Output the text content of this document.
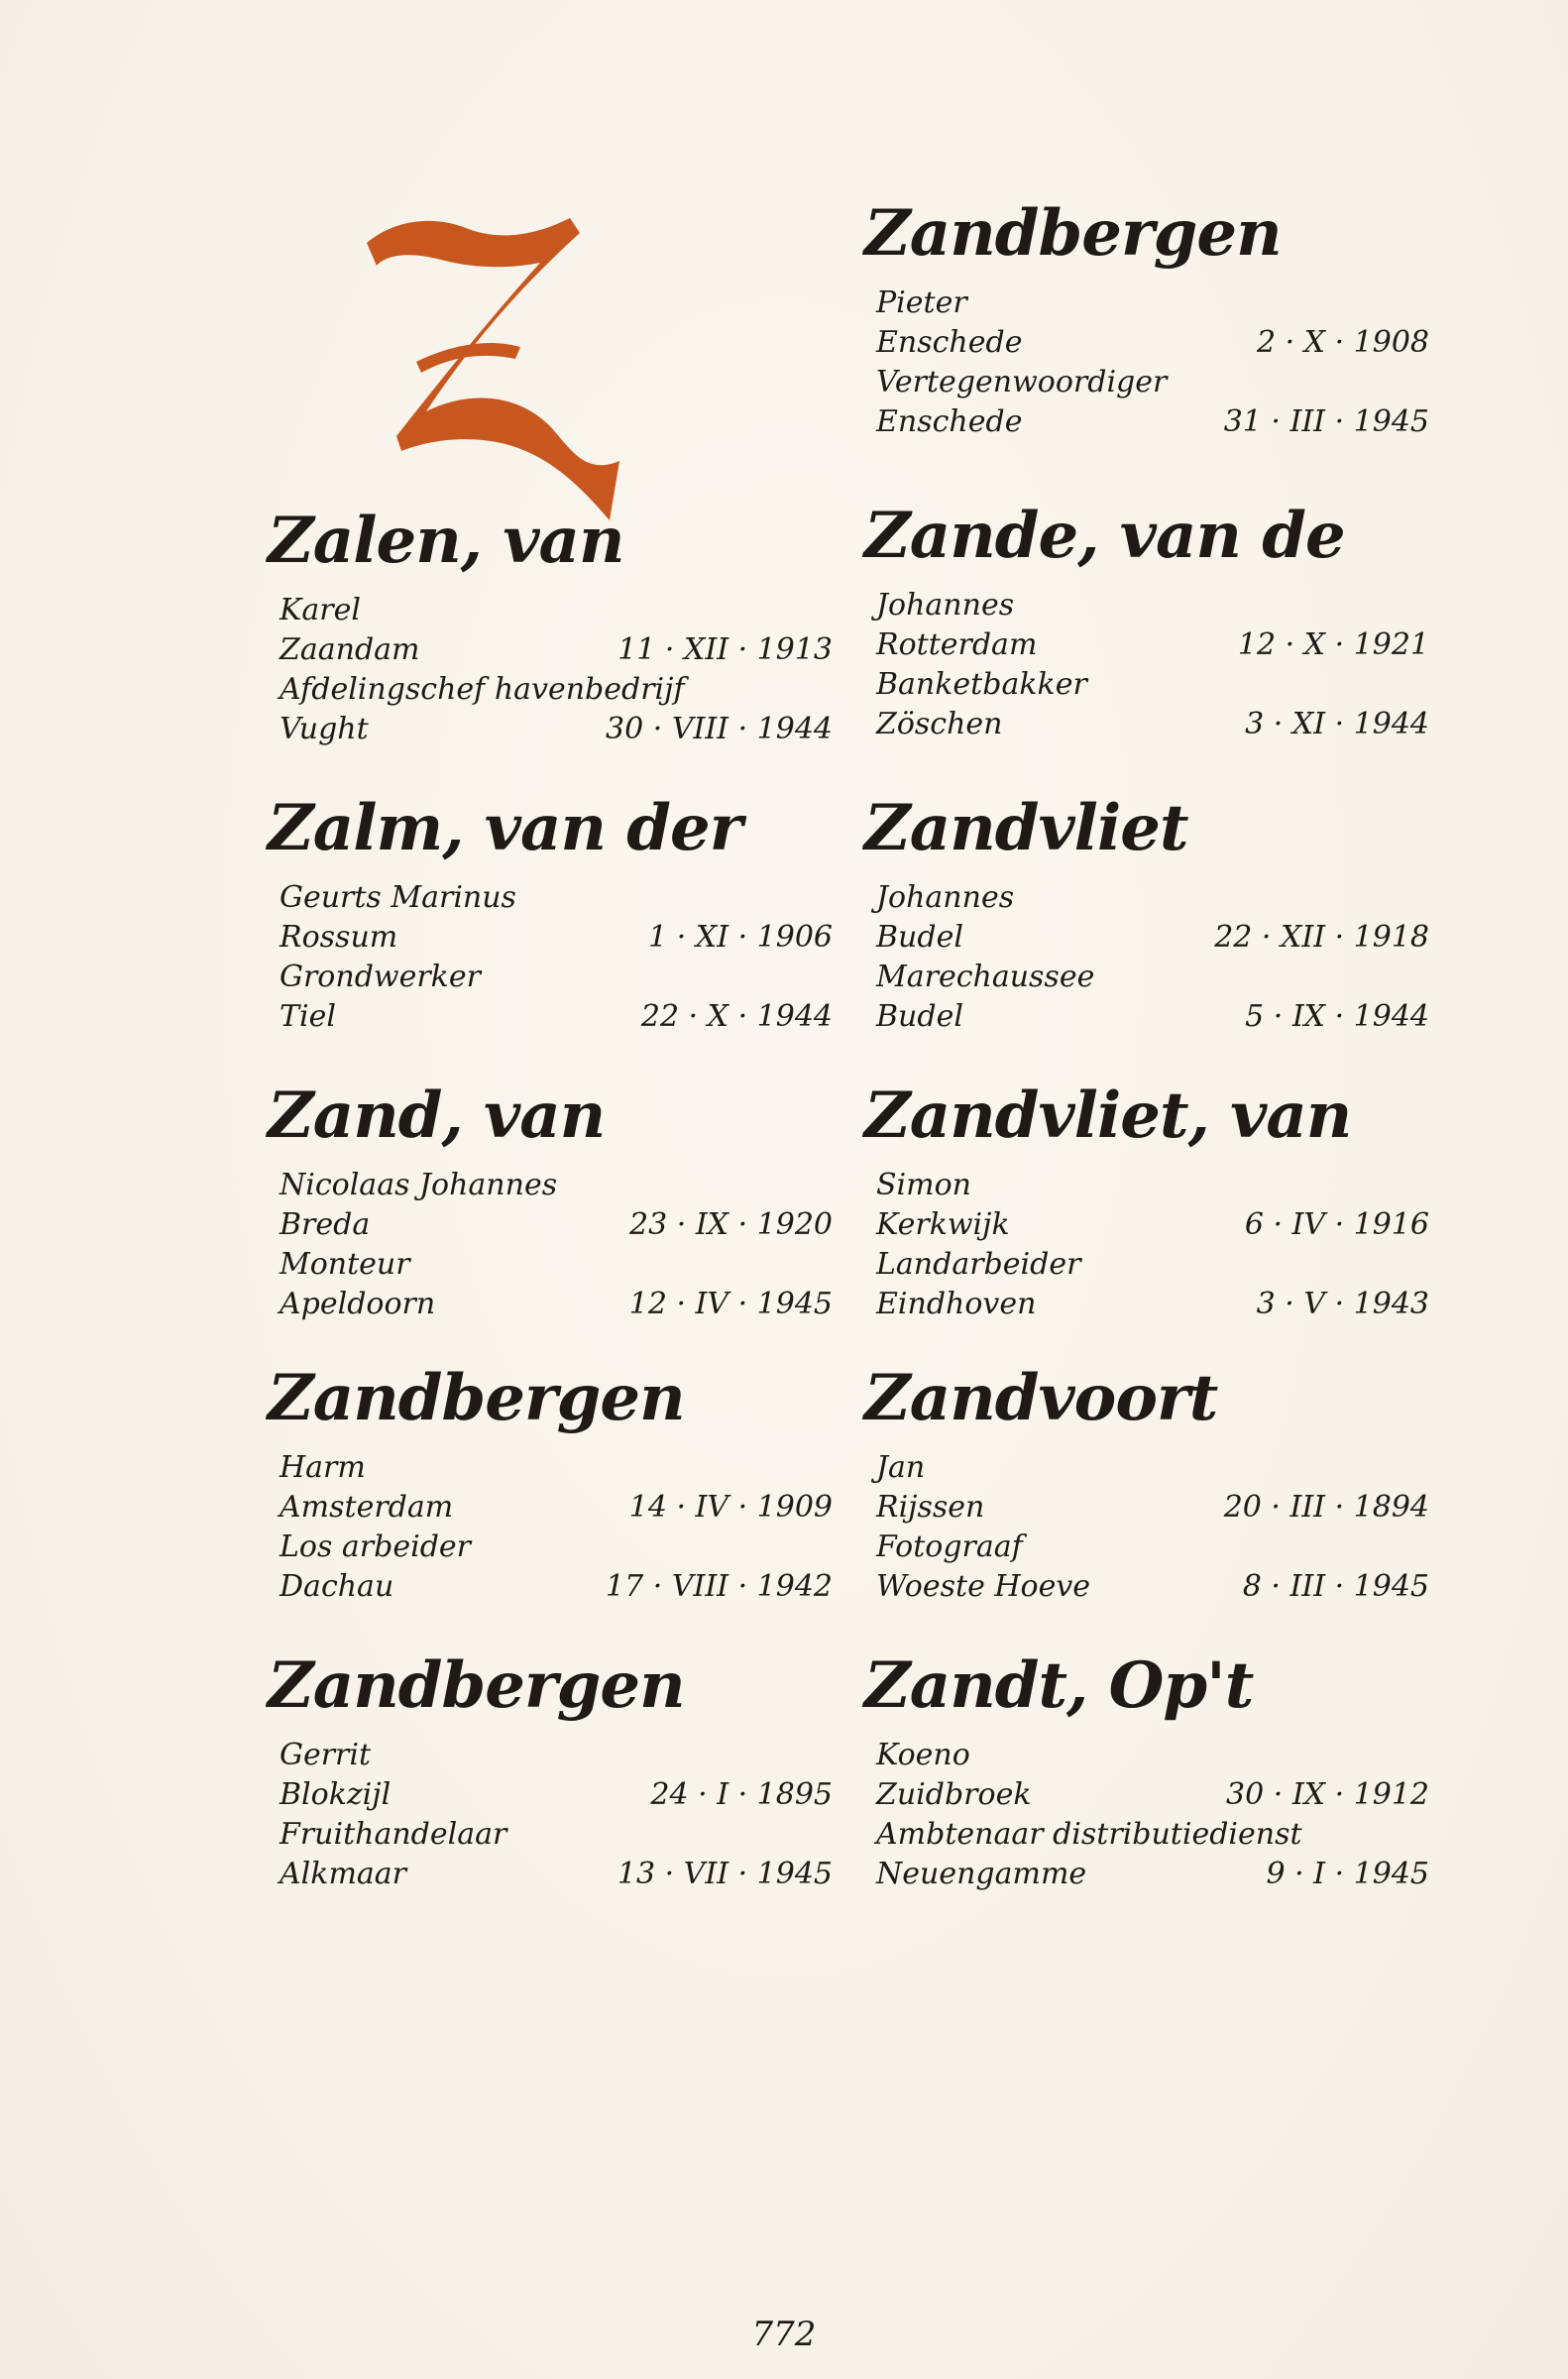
Zalen, van
Karel
Zaandam	11 · XII · 1913
Afdelingschef havenbedrijf
Vught	30 · VIII · 1944
Zalm, van der
Geurts Marinus
Rossum	1 · XI · 1906
Grondwerker
Tiel	22 · X · 1944
Zand, van
Nicolaas Johannes
Breda	23 · IX · 1920
Monteur
Apeldoorn	12 · IV · 1945
Zandbergen
Harm
Amsterdam	14 · IV · 1909
Los arbeider
Dachau	17 · VIII · 1942
Zandbergen
Gerrit
Blokzijl	24 · I · 1895
Fruithandelaar
Alkmaar	13 · VII · 1945
Zandbergen
Pieter
Enschede	2 · X · 1908
Vertegenwoordiger
Enschede	31 · III · 1945
Zande, van de
Johannes
Rotterdam	12 · X · 1921
Banketbakker
Zöschen	3 · XI · 1944
Zandvliet
Johannes
Budel	22 · XII · 1918
Marechaussee
Budel	5 · IX · 1944
Zandvliet, van
Simon
Kerkwijk	6 · IV · 1916
Landarbeider
Eindhoven	3 · V · 1943
Zandvoort
Jan
Rijssen	20 · III · 1894
Fotograaf
Woeste Hoeve	8 · III · 1945
Zandt, Op't
Koeno
Zuidbroek	30 · IX · 1912
Ambtenaar distributiedienst
Neuengamme	9 · I · 1945
772
